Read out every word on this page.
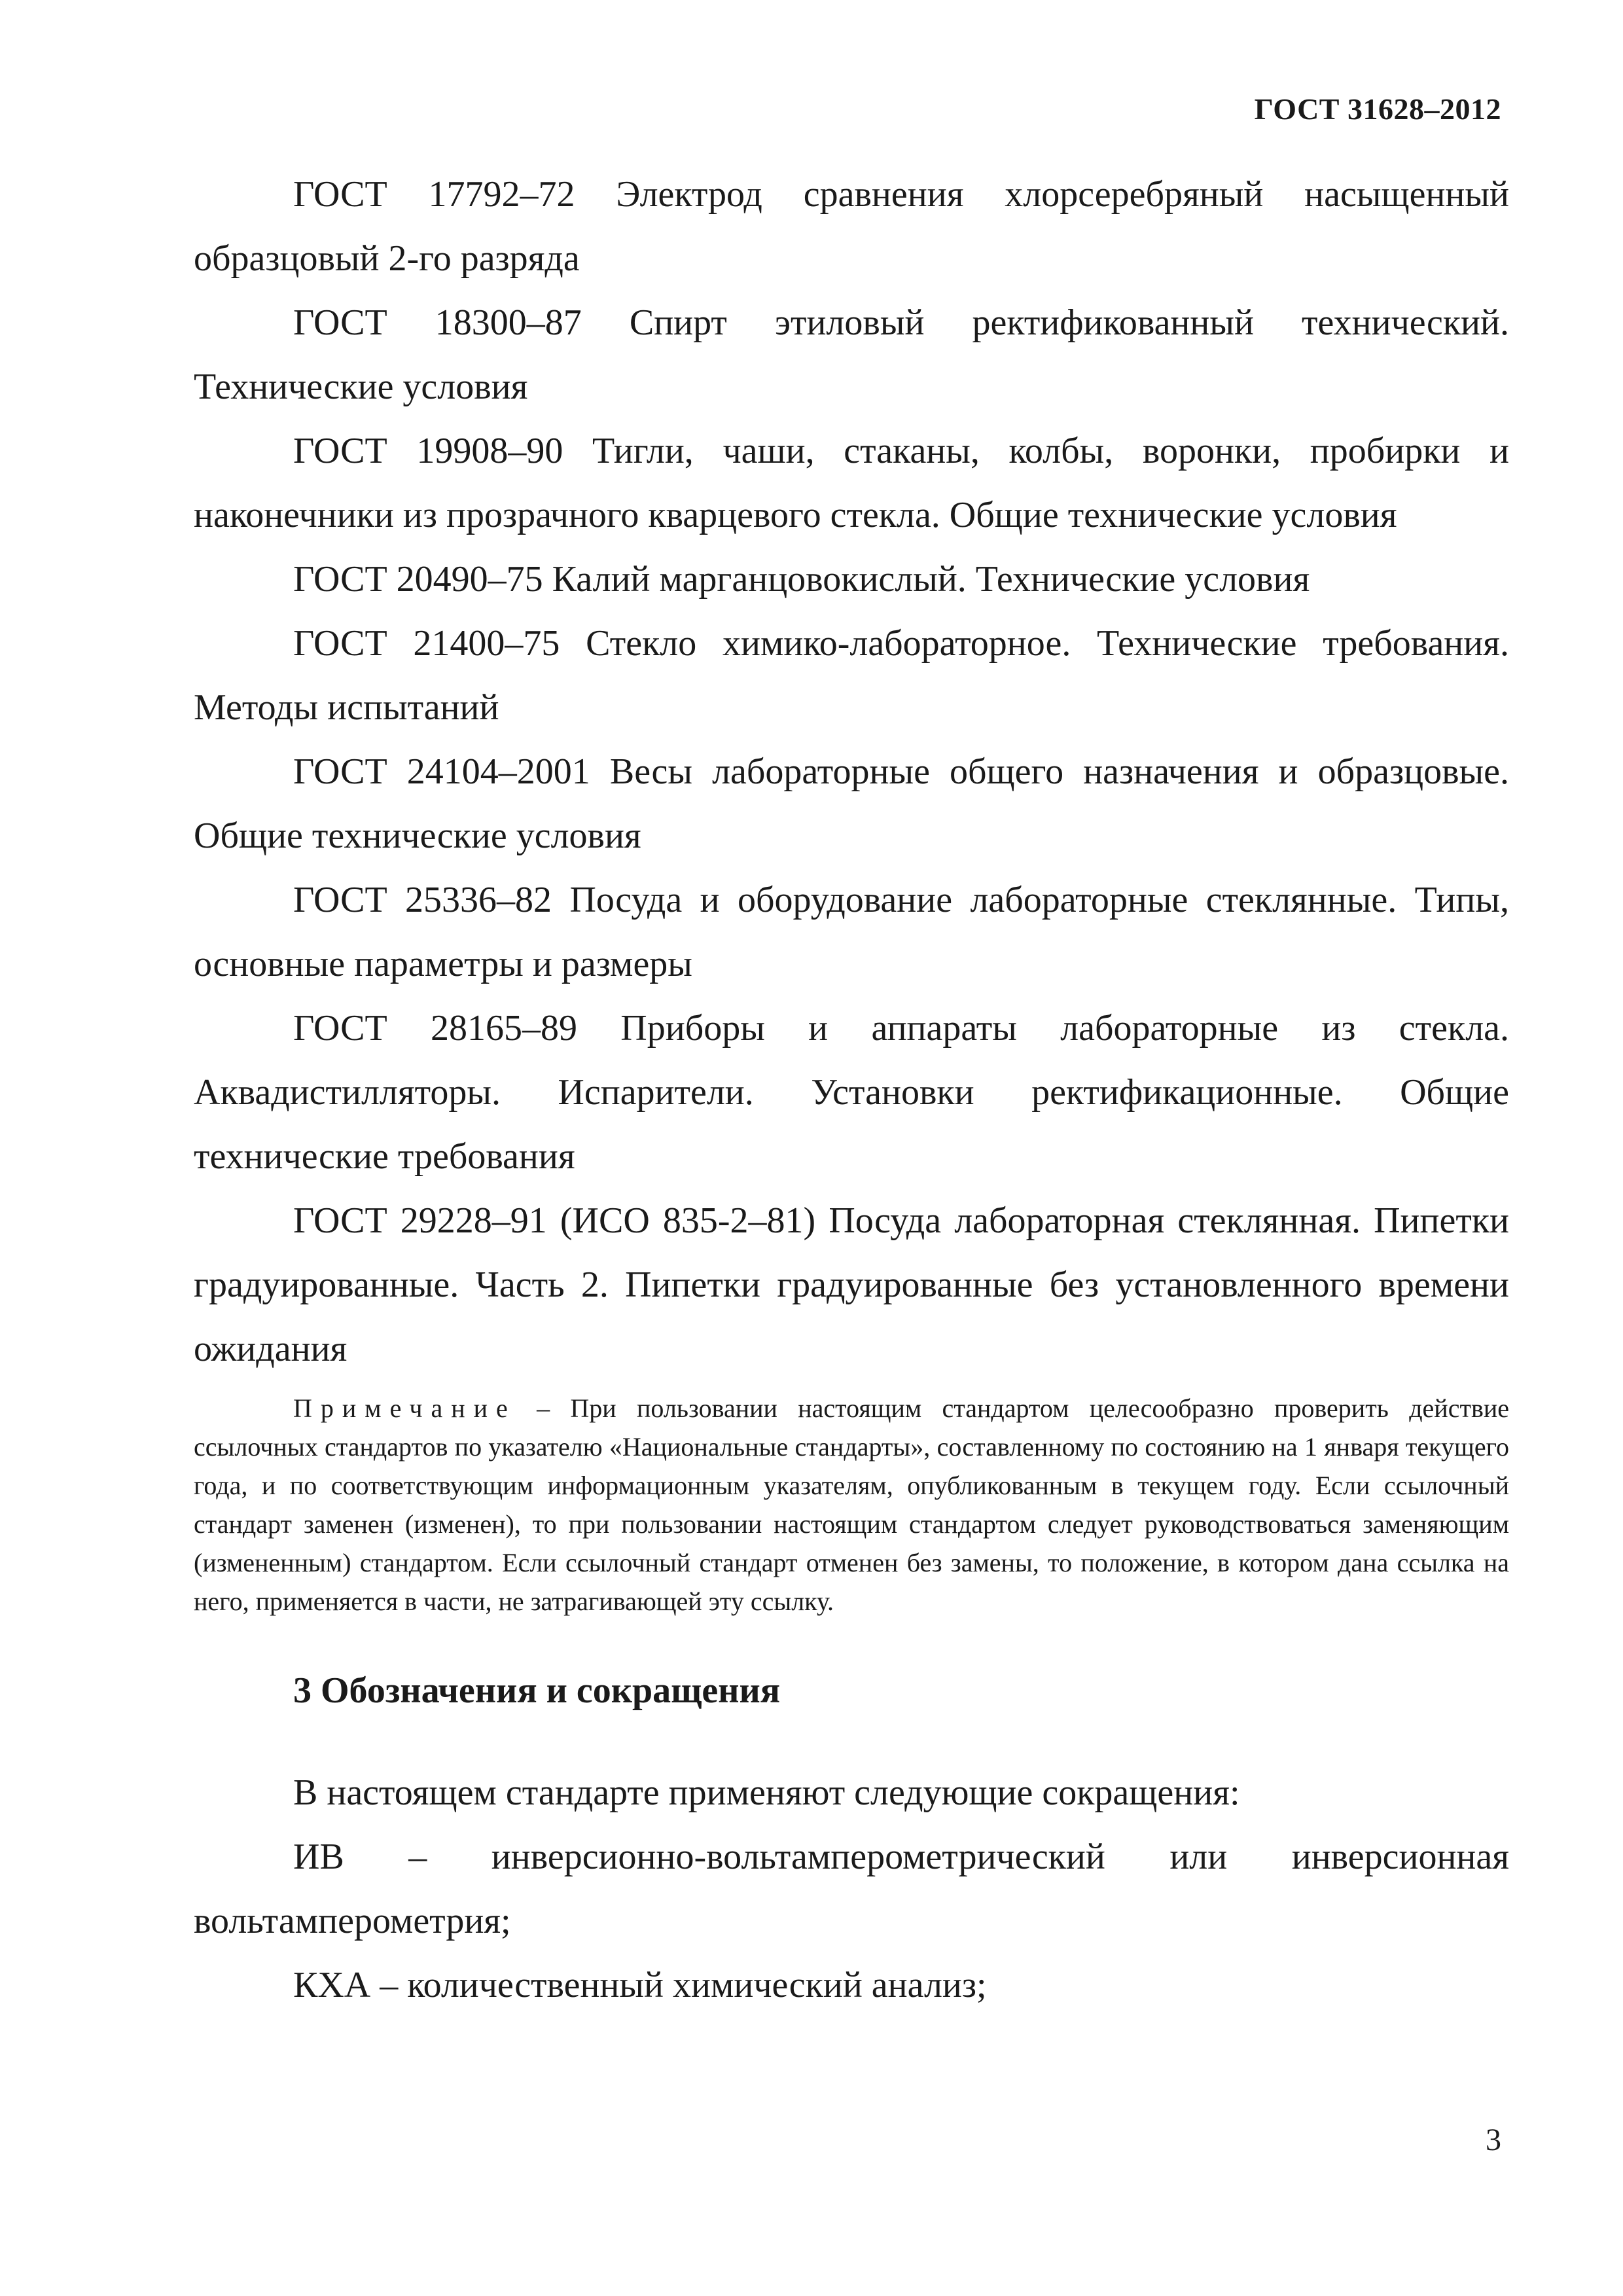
ГОСТ 31628–2012

ГОСТ 17792–72 Электрод сравнения хлорсеребряный насыщенный образцовый 2-го разряда

ГОСТ 18300–87 Спирт этиловый ректификованный технический. Технические условия

ГОСТ 19908–90 Тигли, чаши, стаканы, колбы, воронки, пробирки и наконечники из прозрачного кварцевого стекла. Общие технические условия

ГОСТ 20490–75 Калий марганцовокислый. Технические условия

ГОСТ 21400–75 Стекло химико-лабораторное. Технические требования. Методы испытаний

ГОСТ 24104–2001 Весы лабораторные общего назначения и образцовые. Общие технические условия

ГОСТ 25336–82 Посуда и оборудование лабораторные стеклянные. Типы, основные параметры и размеры

ГОСТ 28165–89 Приборы и аппараты лабораторные из стекла. Аквадистилляторы. Испарители. Установки ректификационные. Общие технические требования

ГОСТ 29228–91 (ИСО 835-2–81) Посуда лабораторная стеклянная. Пипетки градуированные. Часть 2. Пипетки градуированные без установленного времени ожидания

Примечание – При пользовании настоящим стандартом целесообразно проверить действие ссылочных стандартов по указателю «Национальные стандарты», составленному по состоянию на 1 января текущего года, и по соответствующим информационным указателям, опубликованным в текущем году. Если ссылочный стандарт заменен (изменен), то при пользовании настоящим стандартом следует руководствоваться заменяющим (измененным) стандартом. Если ссылочный стандарт отменен без замены, то положение, в котором дана ссылка на него, применяется в части, не затрагивающей эту ссылку.

3 Обозначения и сокращения

В настоящем стандарте применяют следующие сокращения:

ИВ – инверсионно-вольтамперометрический или инверсионная вольтамперометрия;

КХА – количественный химический анализ;

3
